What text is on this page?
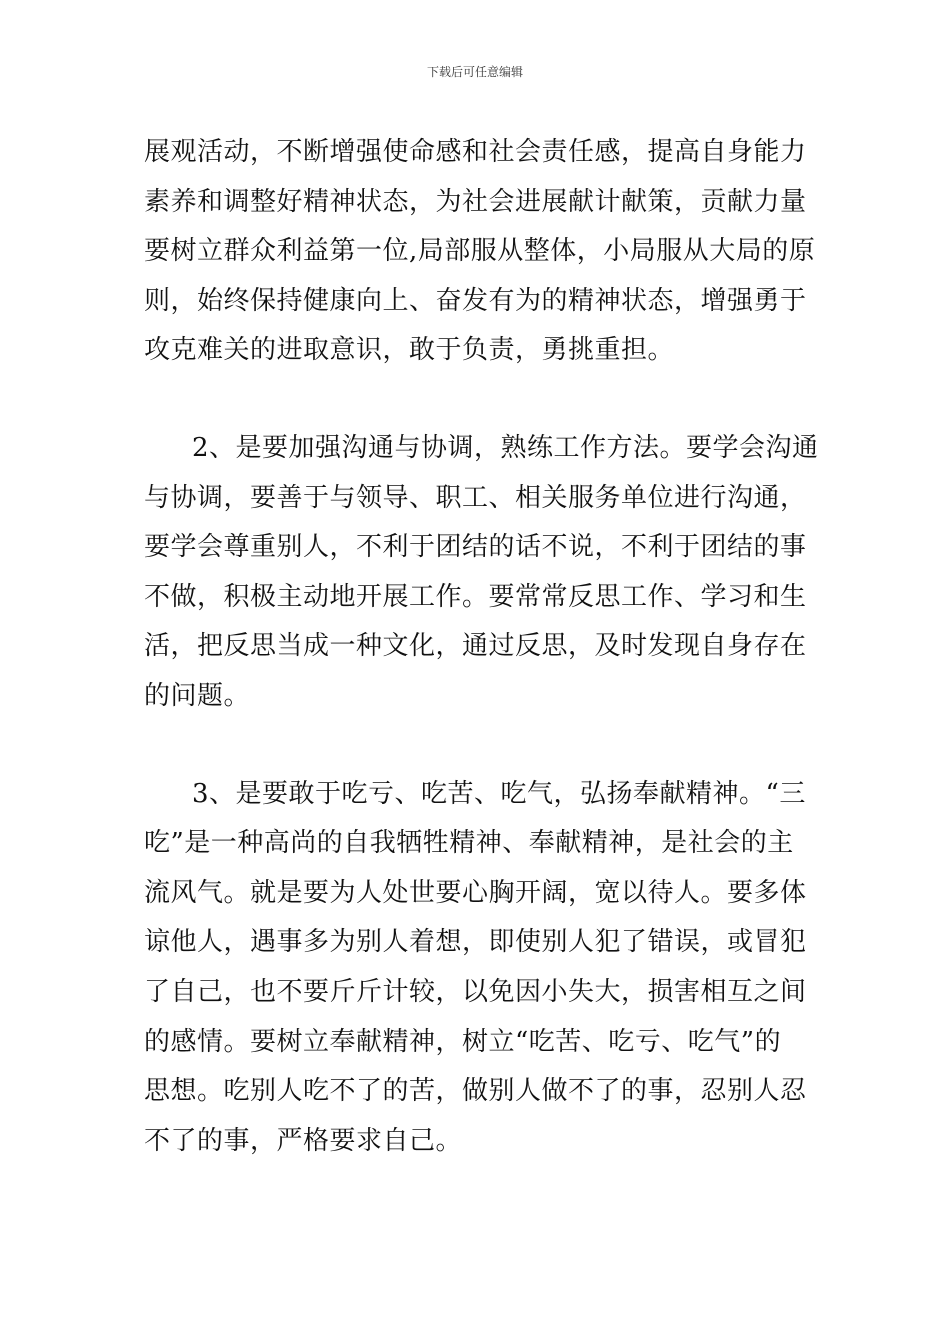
下载后可任意编辑
展观活动，不断增强使命感和社会责任感，提高自身能力
素养和调整好精神状态，为社会进展献计献策，贡献力量
要树立群众利益第一位,局部服从整体，小局服从大局的原
则，始终保持健康向上、奋发有为的精神状态，增强勇于
攻克难关的进取意识，敢于负责，勇挑重担。
2、是要加强沟通与协调，熟练工作方法。要学会沟通
与协调，要善于与领导、职工、相关服务单位进行沟通，
要学会尊重别人，不利于团结的话不说，不利于团结的事
不做，积极主动地开展工作。要常常反思工作、学习和生
活，把反思当成一种文化，通过反思，及时发现自身存在
的问题。
3、是要敢于吃亏、吃苦、吃气，弘扬奉献精神。“三
吃”是一种高尚的自我牺牲精神、奉献精神，是社会的主
流风气。就是要为人处世要心胸开阔，宽以待人。要多体
谅他人，遇事多为别人着想，即使别人犯了错误，或冒犯
了自己，也不要斤斤计较，以免因小失大，损害相互之间
的感情。要树立奉献精神，树立“吃苦、吃亏、吃气”的
思想。吃别人吃不了的苦，做别人做不了的事，忍别人忍
不了的事，严格要求自己。
